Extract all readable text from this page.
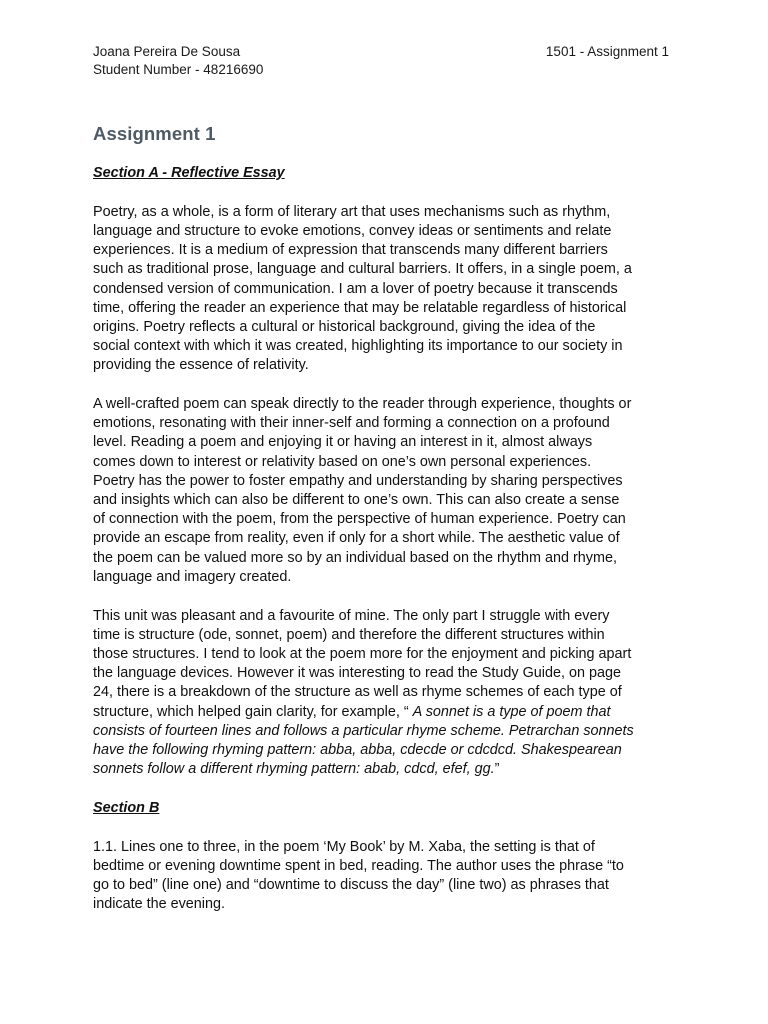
Joana Pereira De Sousa
Student Number - 48216690
1501 - Assignment 1
Assignment 1

Section A - Reflective Essay

Poetry, as a whole, is a form of literary art that uses mechanisms such as rhythm,
language and structure to evoke emotions, convey ideas or sentiments and relate
experiences. It is a medium of expression that transcends many different barriers
such as traditional prose, language and cultural barriers. It offers, in a single poem, a
condensed version of communication. I am a lover of poetry because it transcends
time, offering the reader an experience that may be relatable regardless of historical
origins. Poetry reflects a cultural or historical background, giving the idea of the
social context with which it was created, highlighting its importance to our society in
providing the essence of relativity.

A well-crafted poem can speak directly to the reader through experience, thoughts or
emotions, resonating with their inner-self and forming a connection on a profound
level. Reading a poem and enjoying it or having an interest in it, almost always
comes down to interest or relativity based on one’s own personal experiences.
Poetry has the power to foster empathy and understanding by sharing perspectives
and insights which can also be different to one’s own. This can also create a sense
of connection with the poem, from the perspective of human experience. Poetry can
provide an escape from reality, even if only for a short while. The aesthetic value of
the poem can be valued more so by an individual based on the rhythm and rhyme,
language and imagery created.

This unit was pleasant and a favourite of mine. The only part I struggle with every
time is structure (ode, sonnet, poem) and therefore the different structures within
those structures. I tend to look at the poem more for the enjoyment and picking apart
the language devices. However it was interesting to read the Study Guide, on page
24, there is a breakdown of the structure as well as rhyme schemes of each type of
structure, which helped gain clarity, for example, “ A sonnet is a type of poem that
consists of fourteen lines and follows a particular rhyme scheme. Petrarchan sonnets
have the following rhyming pattern: abba, abba, cdecde or cdcdcd. Shakespearean
sonnets follow a different rhyming pattern: abab, cdcd, efef, gg.”

Section B

1.1. Lines one to three, in the poem ‘My Book’ by M. Xaba, the setting is that of
bedtime or evening downtime spent in bed, reading. The author uses the phrase “to
go to bed” (line one) and “downtime to discuss the day” (line two) as phrases that
indicate the evening.
